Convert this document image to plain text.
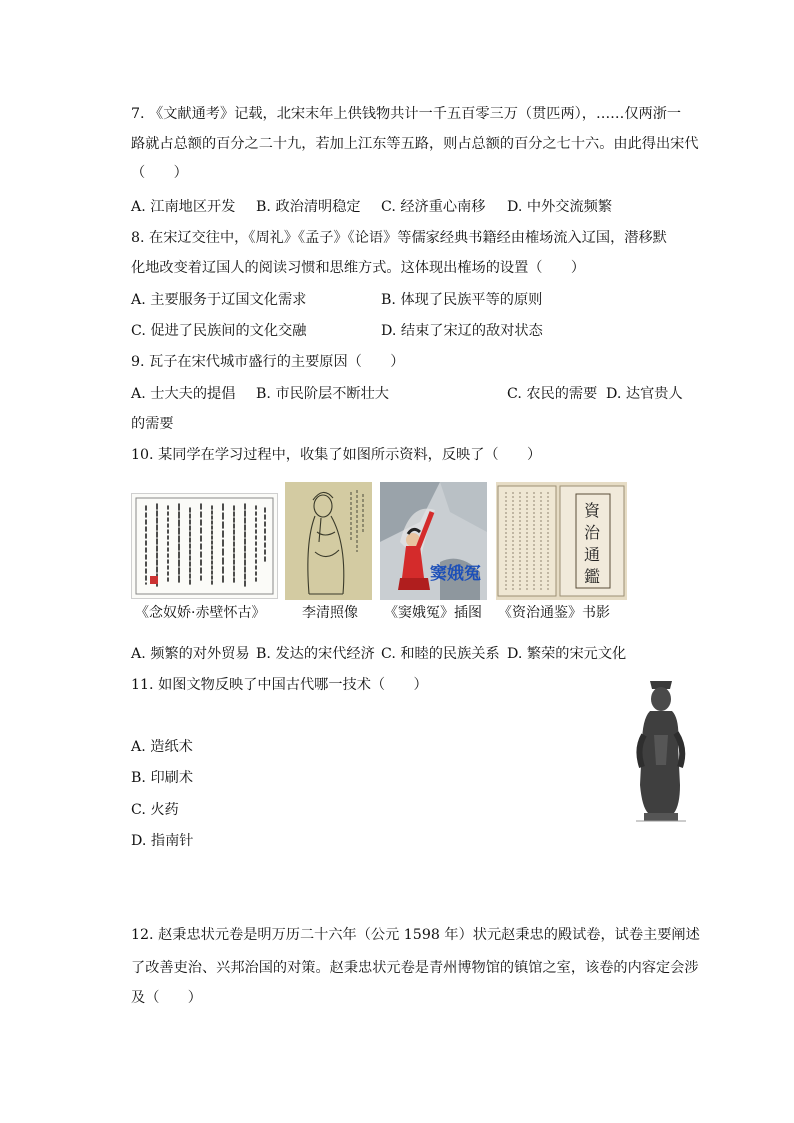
7. 《文献通考》记载，北宋末年上供钱物共计一千五百零三万（贯匹两），……仅两浙一
路就占总额的百分之二十九，若加上江东等五路，则占总额的百分之七十六。由此得出宋代
（　　）
A. 江南地区开发 B. 政治清明稳定 C. 经济重心南移 D. 中外交流频繁
8. 在宋辽交往中，《周礼》《孟子》《论语》等儒家经典书籍经由榷场流入辽国，潜移默
化地改变着辽国人的阅读习惯和思维方式。这体现出榷场的设置（　　）
A. 主要服务于辽国文化需求	B. 体现了民族平等的原则
C. 促进了民族间的文化交融	D. 结束了宋辽的敌对状态
9. 瓦子在宋代城市盛行的主要原因（　　）
A. 士大夫的提倡 B. 市民阶层不断壮大	C. 农民的需要 D. 达官贵人
的需要
10. 某同学在学习过程中，收集了如图所示资料，反映了（　　）
窦娥冤
資
治
通
鑑
《念奴娇·赤壁怀古》	李清照像 《窦娥冤》插图 《资治通鉴》书影
A. 频繁的对外贸易 B. 发达的宋代经济 C. 和睦的民族关系 D. 繁荣的宋元文化
11. 如图文物反映了中国古代哪一技术（　　）
A. 造纸术
B. 印刷术
C. 火药
D. 指南针
12. 赵秉忠状元卷是明万历二十六年（公元 1598 年）状元赵秉忠的殿试卷，试卷主要阐述
了改善吏治、兴邦治国的对策。赵秉忠状元卷是青州博物馆的镇馆之室，该卷的内容定会涉
及（　　）
